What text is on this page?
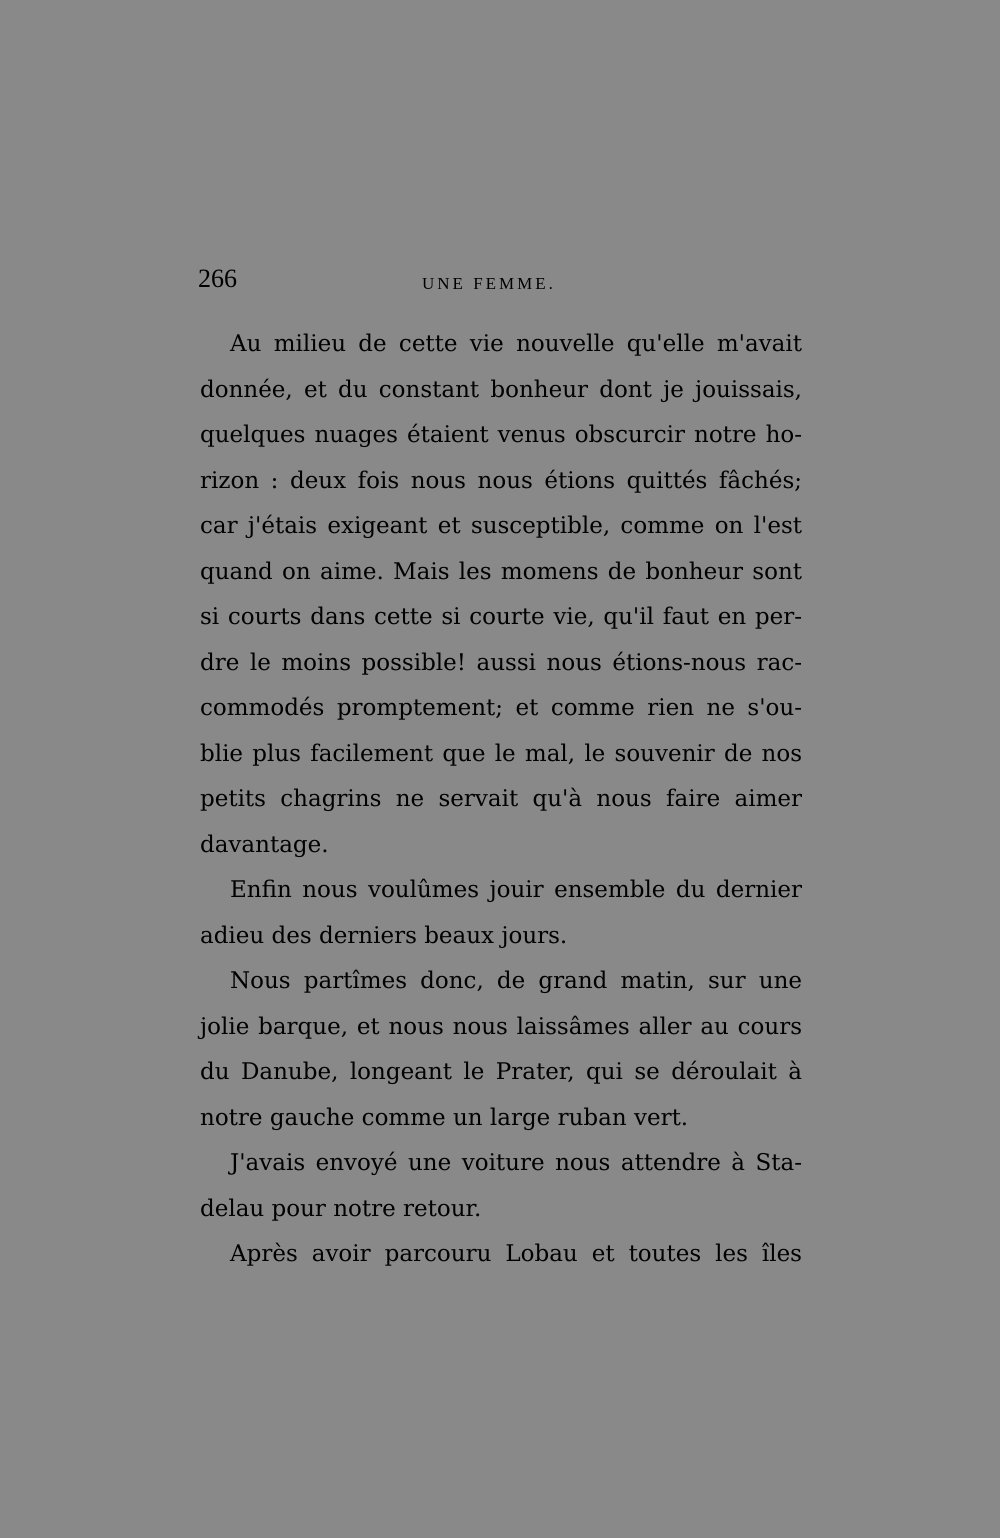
266	UNE FEMME.
Au milieu de cette vie nouvelle qu'elle m'avait
donnée, et du constant bonheur dont je jouissais,
quelques nuages étaient venus obscurcir notre ho-
rizon : deux fois nous nous étions quittés fâchés;
car j'étais exigeant et susceptible, comme on l'est
quand on aime. Mais les momens de bonheur sont
si courts dans cette si courte vie, qu'il faut en per-
dre le moins possible! aussi nous étions-nous rac-
commodés promptement; et comme rien ne s'ou-
blie plus facilement que le mal, le souvenir de nos
petits chagrins ne servait qu'à nous faire aimer
davantage.
Enfin nous voulûmes jouir ensemble du dernier
adieu des derniers beaux jours.
Nous partîmes donc, de grand matin, sur une
jolie barque, et nous nous laissâmes aller au cours
du Danube, longeant le Prater, qui se déroulait à
notre gauche comme un large ruban vert.
J'avais envoyé une voiture nous attendre à Sta-
delau pour notre retour.
Après avoir parcouru Lobau et toutes les îles
